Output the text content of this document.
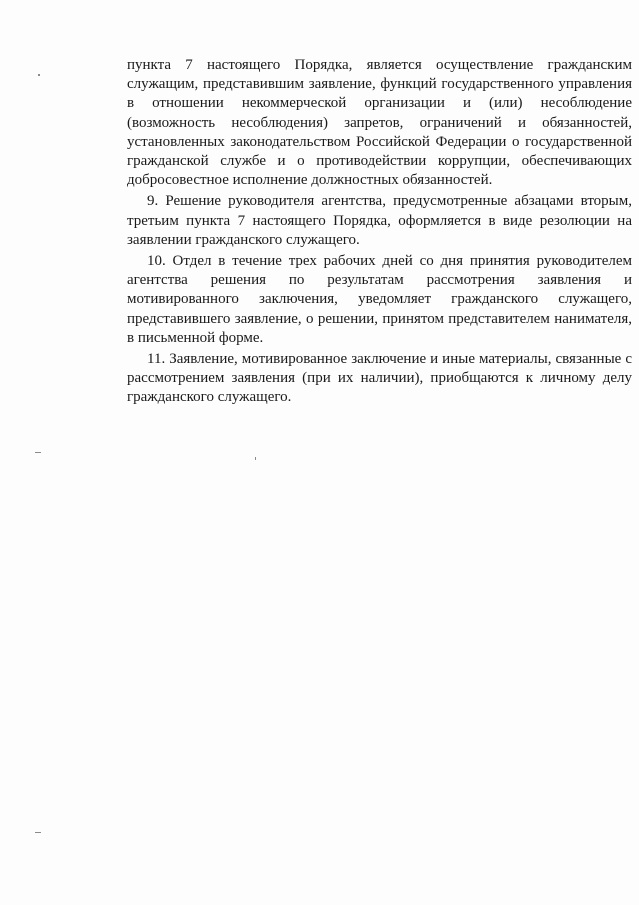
пункта 7 настоящего Порядка, является осуществление гражданским служащим, представившим заявление, функций государственного управления в отношении некоммерческой организации и (или) несоблюдение (возможность несоблюдения) запретов, ограничений и обязанностей, установленных законодательством Российской Федерации о государственной гражданской службе и о противодействии коррупции, обеспечивающих добросовестное исполнение должностных обязанностей.

9. Решение руководителя агентства, предусмотренные абзацами вторым, третьим пункта 7 настоящего Порядка, оформляется в виде резолюции на заявлении гражданского служащего.

10. Отдел в течение трех рабочих дней со дня принятия руководителем агентства решения по результатам рассмотрения заявления и мотивированного заключения, уведомляет гражданского служащего, представившего заявление, о решении, принятом представителем нанимателя, в письменной форме.

11. Заявление, мотивированное заключение и иные материалы, связанные с рассмотрением заявления (при их наличии), приобщаются к личному делу гражданского служащего.
